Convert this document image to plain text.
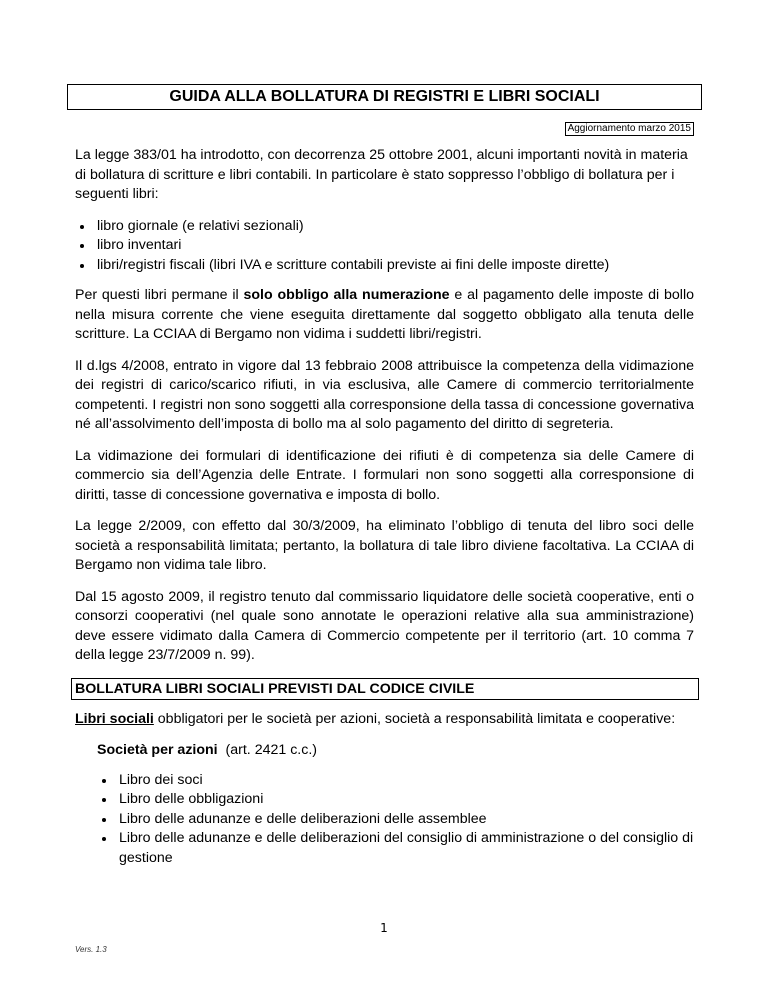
GUIDA ALLA BOLLATURA DI REGISTRI E LIBRI SOCIALI
Aggiornamento marzo 2015

La legge 383/01 ha introdotto, con decorrenza 25 ottobre 2001, alcuni importanti novità in materia di bollatura di scritture e libri contabili. In particolare è stato soppresso l’obbligo di bollatura per i seguenti libri:

libro giornale (e relativi sezionali)
libro inventari
libri/registri fiscali (libri IVA e scritture contabili previste ai fini delle imposte dirette)

Per questi libri permane il solo obbligo alla numerazione e al pagamento delle imposte di bollo nella misura corrente che viene eseguita direttamente dal soggetto obbligato alla tenuta delle scritture. La CCIAA di Bergamo non vidima i suddetti libri/registri.

Il d.lgs 4/2008, entrato in vigore dal 13 febbraio 2008 attribuisce la competenza della vidimazione dei registri di carico/scarico rifiuti, in via esclusiva, alle Camere di commercio territorialmente competenti. I registri non sono soggetti alla corresponsione della tassa di concessione governativa né all’assolvimento dell’imposta di bollo ma al solo pagamento del diritto di segreteria.

La vidimazione dei formulari di identificazione dei rifiuti è di competenza sia delle Camere di commercio sia dell’Agenzia delle Entrate. I formulari non sono soggetti alla corresponsione di diritti, tasse di concessione governativa e imposta di bollo.

La legge 2/2009, con effetto dal 30/3/2009, ha eliminato l’obbligo di tenuta del libro soci delle società a responsabilità limitata; pertanto, la bollatura di tale libro diviene facoltativa. La CCIAA di Bergamo non vidima tale libro.

Dal 15 agosto 2009, il registro tenuto dal commissario liquidatore delle società cooperative, enti o consorzi cooperativi (nel quale sono annotate le operazioni relative alla sua amministrazione) deve essere vidimato dalla Camera di Commercio competente per il territorio (art. 10 comma 7 della legge 23/7/2009 n. 99).

BOLLATURA LIBRI SOCIALI PREVISTI DAL CODICE CIVILE

Libri sociali obbligatori per le società per azioni, società a responsabilità limitata e cooperative:

Società per azioni  (art. 2421 c.c.)

Libro dei soci
Libro delle obbligazioni
Libro delle adunanze e delle deliberazioni delle assemblee
Libro delle adunanze e delle deliberazioni del consiglio di amministrazione o del consiglio di gestione
1
Vers. 1.3
